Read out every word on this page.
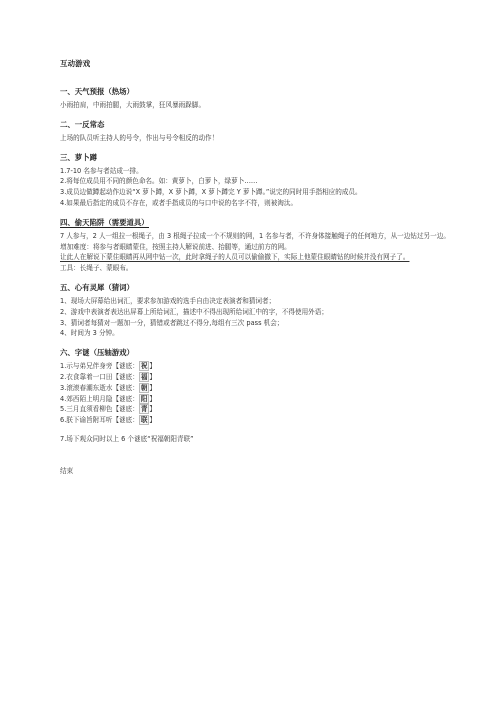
互动游戏
一、天气预报（热场）

小雨拍肩，中雨拍腿，大雨鼓掌，狂风暴雨跺脚。

二、一反常态

上场的队员听主持人的号令，作出与号令相反的动作！

三、萝卜蹲

1.7-10 名参与者站成一排。

2.将每位成员用不同的颜色命名。如：黄萝卜，白萝卜，绿萝卜……

3.成员边做蹲起动作边说“X 萝卜蹲，X 萝卜蹲，X 萝卜蹲完 Y 萝卜蹲。”说完的同时用手指相应的成员。

4.如果最后指定的成员不存在，或者手指成员的与口中说的名字不符，则被淘汰。

四、偷天陷阱（需要道具）

7 人参与，2 人一组拉一根绳子，由 3 根绳子拉成一个不规则的网，1 名参与者，不许身体接触绳子的任何地方，从一边钻过另一边。

增加难度：将参与者眼睛蒙住，按照主持人解说前进、抬腿等，通过前方的网。

让此人在解说下蒙住眼睛再从网中钻一次，此时拿绳子的人员可以偷偷撤下，实际上他蒙住眼睛钻的时候并没有网子了。

工具：长绳子、蒙眼布。

五、心有灵犀（猜词）

1、现场大屏幕给出词汇，要求参加游戏的选手自由决定表演者和猜词者；

2、游戏中表演者表达出屏幕上所给词汇，描述中不得出现所给词汇中的字，不得使用外语；

3、猜词者每猜对一题加一分，猜错或者跳过不得分,每组有三次 pass 机会；

4、时间为 3 分钟。

六、字谜（压轴游戏）

1.示与弟兄伴身旁【谜底： 祝 】

2.衣食靠着一口田【谜底： 福 】

3.滚滚春潮东逝水【谜底： 朝 】

4.郊西陌上明月隐【谜底： 阳 】

5.三月直须看柳色【谜底： 青 】

6.朕下谕旨附耳听【谜底： 联 】

7.场下观众同时以上 6 个谜底“祝福朝阳青联”

结束
